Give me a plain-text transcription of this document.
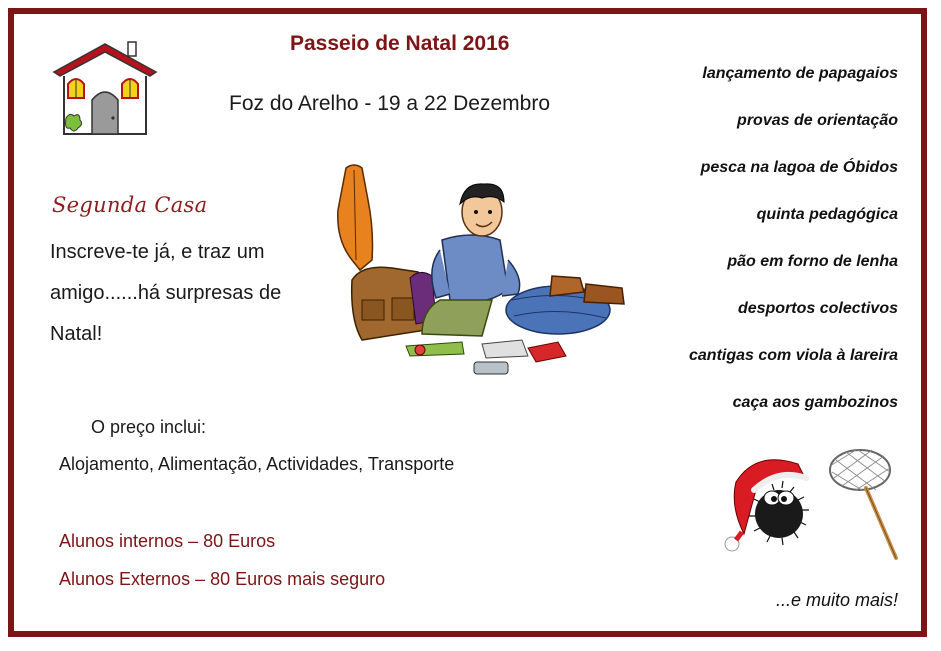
Passeio de Natal 2016
Foz do Arelho - 19 a 22 Dezembro
Segunda Casa
Inscreve-te já, e traz um amigo......há surpresas de Natal!
O preço inclui:
Alojamento, Alimentação, Actividades, Transporte
Alunos internos – 80 Euros
Alunos Externos – 80 Euros mais seguro
lançamento de papagaios
provas de orientação
pesca na lagoa de Óbidos
quinta pedagógica
pão em forno de lenha
desportos colectivos
cantigas com viola à lareira
caça aos gambozinos
...e muito mais!
